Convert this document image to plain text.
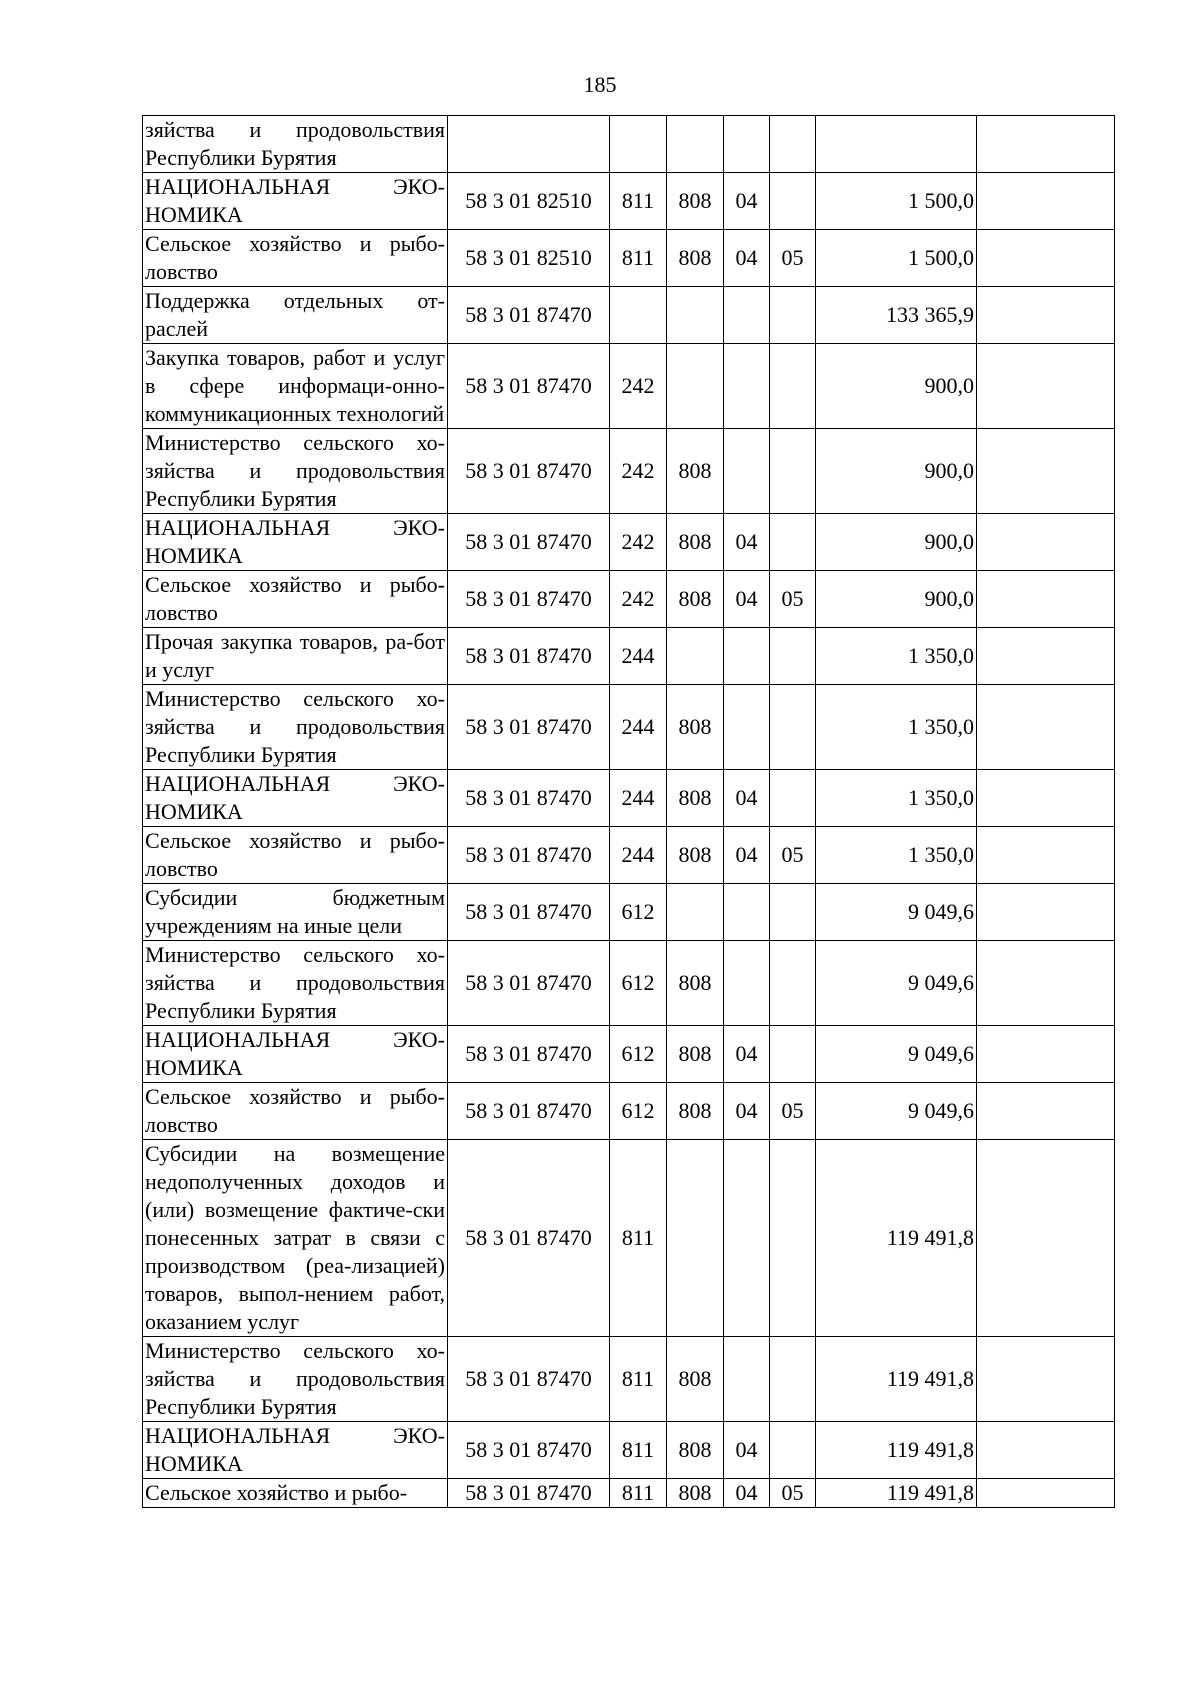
185
зяйства и продовольствия Республики Бурятия							
НАЦИОНАЛЬНАЯ ЭКО-НОМИКА	58 3 01 82510	811	808	04		1 500,0	
Сельское хозяйство и рыбо-ловство	58 3 01 82510	811	808	04	05	1 500,0	
Поддержка отдельных от-раслей	58 3 01 87470					133 365,9	
Закупка товаров, работ и услуг в сфере информаци-онно-коммуникационных технологий	58 3 01 87470	242				900,0	
Министерство сельского хо-зяйства и продовольствия Республики Бурятия	58 3 01 87470	242	808			900,0	
НАЦИОНАЛЬНАЯ ЭКО-НОМИКА	58 3 01 87470	242	808	04		900,0	
Сельское хозяйство и рыбо-ловство	58 3 01 87470	242	808	04	05	900,0	
Прочая закупка товаров, ра-бот и услуг	58 3 01 87470	244				1 350,0	
Министерство сельского хо-зяйства и продовольствия Республики Бурятия	58 3 01 87470	244	808			1 350,0	
НАЦИОНАЛЬНАЯ ЭКО-НОМИКА	58 3 01 87470	244	808	04		1 350,0	
Сельское хозяйство и рыбо-ловство	58 3 01 87470	244	808	04	05	1 350,0	
Субсидии бюджетным учреждениям на иные цели	58 3 01 87470	612				9 049,6	
Министерство сельского хо-зяйства и продовольствия Республики Бурятия	58 3 01 87470	612	808			9 049,6	
НАЦИОНАЛЬНАЯ ЭКО-НОМИКА	58 3 01 87470	612	808	04		9 049,6	
Сельское хозяйство и рыбо-ловство	58 3 01 87470	612	808	04	05	9 049,6	
Субсидии на возмещение недополученных доходов и (или) возмещение фактиче-ски понесенных затрат в связи с производством (реа-лизацией) товаров, выпол-нением работ, оказанием услуг	58 3 01 87470	811				119 491,8	
Министерство сельского хо-зяйства и продовольствия Республики Бурятия	58 3 01 87470	811	808			119 491,8	
НАЦИОНАЛЬНАЯ ЭКО-НОМИКА	58 3 01 87470	811	808	04		119 491,8	
Сельское хозяйство и рыбо-	58 3 01 87470	811	808	04	05	119 491,8	
